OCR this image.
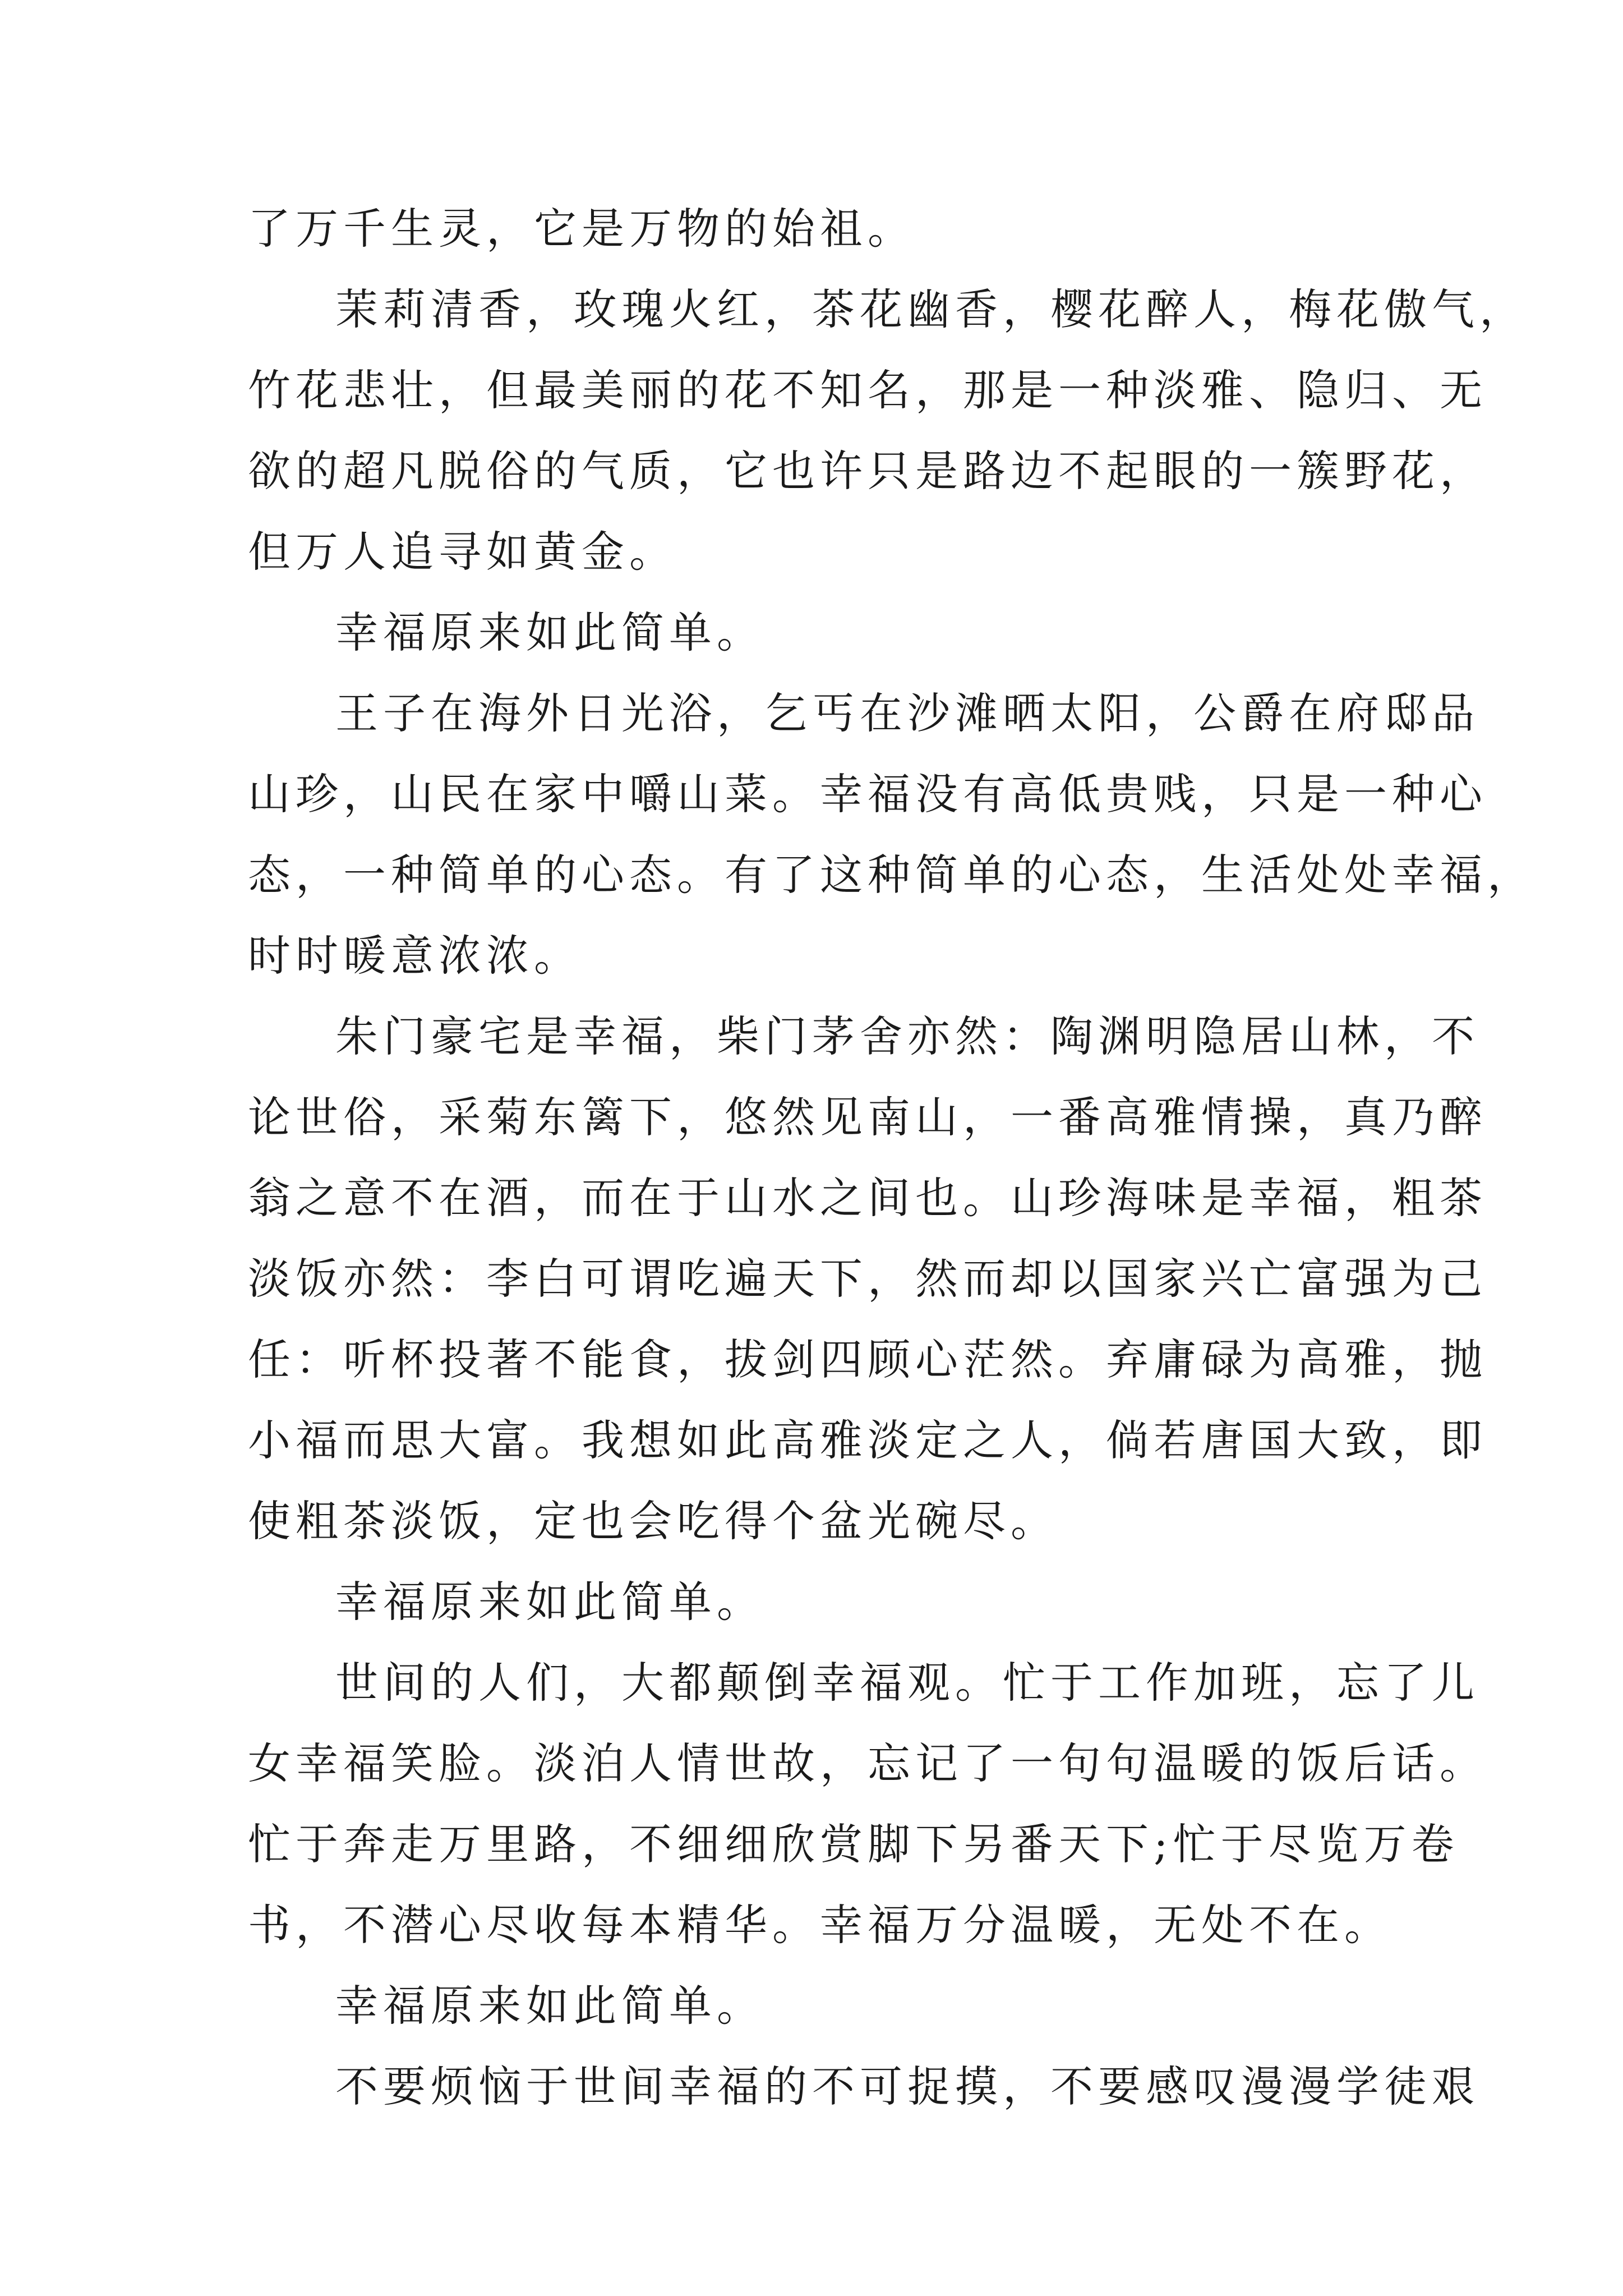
了万千生灵，它是万物的始祖。
茉莉清香，玫瑰火红，茶花幽香，樱花醉人，梅花傲气，
竹花悲壮，但最美丽的花不知名，那是一种淡雅、隐归、无
欲的超凡脱俗的气质，它也许只是路边不起眼的一簇野花，
但万人追寻如黄金。
幸福原来如此简单。
王子在海外日光浴，乞丐在沙滩晒太阳，公爵在府邸品
山珍，山民在家中嚼山菜。幸福没有高低贵贱，只是一种心
态，一种简单的心态。有了这种简单的心态，生活处处幸福，
时时暖意浓浓。
朱门豪宅是幸福，柴门茅舍亦然：陶渊明隐居山林，不
论世俗，采菊东篱下，悠然见南山，一番高雅情操，真乃醉
翁之意不在酒，而在于山水之间也。山珍海味是幸福，粗茶
淡饭亦然：李白可谓吃遍天下，然而却以国家兴亡富强为己
任：听杯投著不能食，拔剑四顾心茫然。弃庸碌为高雅，抛
小福而思大富。我想如此高雅淡定之人，倘若唐国大致，即
使粗茶淡饭，定也会吃得个盆光碗尽。
幸福原来如此简单。
世间的人们，大都颠倒幸福观。忙于工作加班，忘了儿
女幸福笑脸。淡泊人情世故，忘记了一句句温暖的饭后话。
忙于奔走万里路，不细细欣赏脚下另番天下;忙于尽览万卷
书，不潜心尽收每本精华。幸福万分温暖，无处不在。
幸福原来如此简单。
不要烦恼于世间幸福的不可捉摸，不要感叹漫漫学徒艰
